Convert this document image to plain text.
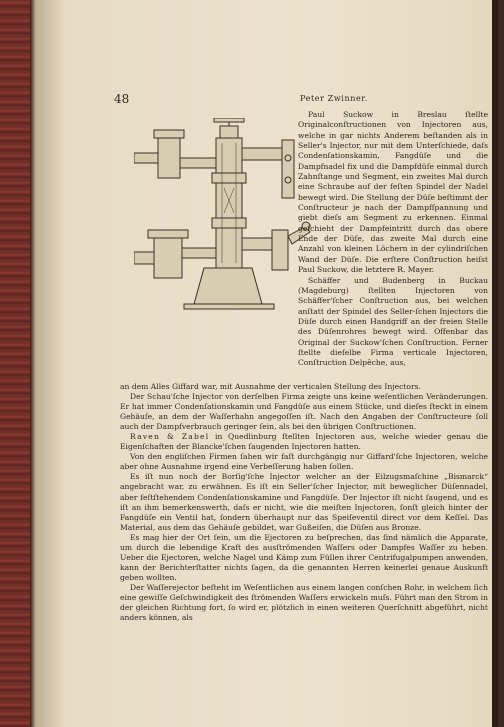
48	Peter Zwinner.

Paul Suckow in Breslau ſtellte Originalconſtructionen von Injectoren aus, welche in gar nichts Anderem beſtanden als in Seller's Injector, nur mit dem Unterſchiede, daſs Condenſationskamin, Fangdüſe und die Dampfnadel fix und die Dampfdüſe einmal durch Zahnſtange und Segment, ein zweites Mal durch eine Schraube auf der feſten Spindel der Nadel bewegt wird. Die Stellung der Düſe beſtimmt der Conſtructeur je nach der Dampfſpannung und giebt dieſs am Segment zu erkennen. Einmal geſchieht der Dampfeintritt durch das obere Ende der Düſe, das zweite Mal durch eine Anzahl von kleinen Löchern in der cylindriſchen Wand der Düſe. Die erſtere Conſtruction heiſst Paul Suckow, die letztere R. Mayer.

Schäffer und Budenberg in Buckau (Magdeburg) ſtellten Injectoren von Schäffer'ſcher Conſtruction aus, bei welchen anſtatt der Spindel des Seller-ſchen Injectors die Düſe durch einen Handgriff an der freien Stelle des Düſenrohres bewegt wird. Offenbar das Original der Suckow'ſchen Conſtruction. Ferner ſtellte dieſelbe Firma verticale Injectoren, Conſtruction Delpêche, aus,

an dem Alles Giffard war, mit Ausnahme der verticalen Stellung des Injectors.

Der Schau'ſche Injector von derſelben Firma zeigte uns keine weſentlichen Veränderungen. Er hat immer Condenſationskamin und Fangdüſe aus einem Stücke, und dieſes ſteckt in einem Gehäuſe, an dem der Waſſerhahn angegoſſen iſt. Nach den Angaben der Conſtructeure ſoll auch der Dampfverbrauch geringer ſein, als bei den übrigen Conſtructionen.

Raven & Zabel in Quedlinburg ſtellten Injectoren aus, welche wieder genau die Eigenſchaften der Blancke'ſchen ſaugenden Injectoren hatten.

Von den engliſchen Firmen ſahen wir faſt durchgängig nur Giffard'ſche Injectoren, welche aber ohne Ausnahme irgend eine Verbeſſerung haben ſollen.

Es iſt nun noch der Borſig'ſche Injector welcher an der Eilzugsmaſchine „Bismarck“ angebracht war, zu erwähnen. Es iſt ein Seller'ſcher Injector, mit beweglicher Düſennadel, aber feſtſtehendem Condenſationskamine und Fangdüſe. Der Injector iſt nicht ſaugend, und es iſt an ihm bemerkenswerth, daſs er nicht, wie die meiſten Injectoren, ſonſt gleich hinter der Fangdüſe ein Ventil hat, ſondern überhaupt nur das Speiſeventil direct vor dem Keſſel. Das Material, aus dem das Gehäuſe gebildet, war Gußeiſen, die Düſen aus Bronze.

Es mag hier der Ort ſein, um die Ejectoren zu beſprechen, das ſind nämlich die Apparate, um durch die lebendige Kraft des ausſtrömenden Waſſers oder Dampfes Waſſer zu heben. Ueber die Ejectoren, welche Nagel und Kämp zum Füllen ihrer Centrifugalpumpen anwenden, kann der Berichterſtatter nichts ſagen, da die genannten Herren keinerlei genaue Auskunft geben wollten.

Der Waſſerejector beſteht im Weſentlichen aus einem langen conſchen Rohr, in welchem ſich eine gewiſſe Geſchwindigkeit des ſtrömenden Waſſers erwickeln muſs. Führt man den Strom in der gleichen Richtung fort, ſo wird er, plötzlich in einen weiteren Querſchnitt abgeführt, nicht anders können, als
